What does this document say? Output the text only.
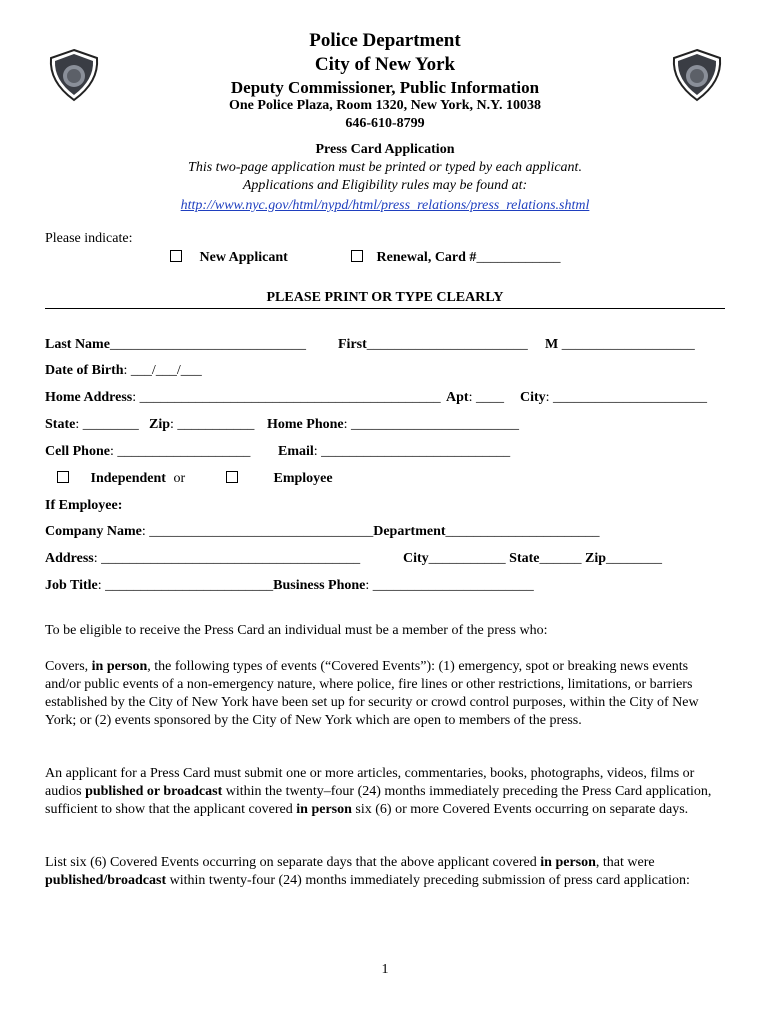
Police Department
City of New York
Deputy Commissioner, Public Information
One Police Plaza, Room 1320, New York, N.Y. 10038
646-610-8799
Press Card Application
This two-page application must be printed or typed by each applicant.
Applications and Eligibility rules may be found at:
http://www.nyc.gov/html/nypd/html/press_relations/press_relations.shtml
Please indicate:
New Applicant	Renewal, Card #____________
PLEASE PRINT OR TYPE CLEARLY
Last Name____________________________ First_______________________ M ___________________
Date of Birth: ___/___/___
Home Address: ___________________________________________ Apt: ____ City: ______________________
State: ________ Zip: ___________ Home Phone: ________________________
Cell Phone: ___________________ Email: ___________________________
Independent or	Employee
If Employee:
Company Name: ________________________________Department______________________
Address: _____________________________________	City___________ State______ Zip________
Job Title: ________________________Business Phone: _______________________
To be eligible to receive the Press Card an individual must be a member of the press who:
Covers, in person, the following types of events (“Covered Events”): (1) emergency, spot or breaking news events and/or public events of a non-emergency nature, where police, fire lines or other restrictions, limitations, or barriers established by the City of New York have been set up for security or crowd control purposes, within the City of New York; or (2) events sponsored by the City of New York which are open to members of the press.
An applicant for a Press Card must submit one or more articles, commentaries, books, photographs, videos, films or audios published or broadcast within the twenty–four (24) months immediately preceding the Press Card application, sufficient to show that the applicant covered in person six (6) or more Covered Events occurring on separate days.
List six (6) Covered Events occurring on separate days that the above applicant covered in person, that were published/broadcast within twenty-four (24) months immediately preceding submission of press card application:
1
